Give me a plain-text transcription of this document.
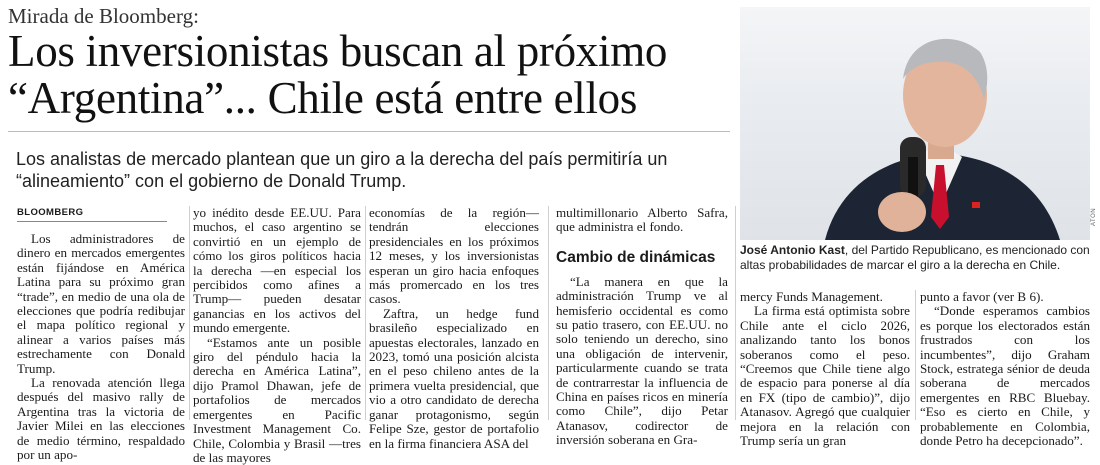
Mirada de Bloomberg:
Los inversionistas buscan al próximo “Argentina”... Chile está entre ellos
Los analistas de mercado plantean que un giro a la derecha del país permitiría un “alineamiento” con el gobierno de Donald Trump.
BLOOMBERG

Los administradores de dinero en mercados emergentes están fijándose en América Latina para su próximo gran “trade”, en medio de una ola de elecciones que podría redibujar el mapa político regional y alinear a varios países más estrechamente con Donald Trump.

La renovada atención llega después del masivo rally de Argentina tras la victoria de Javier Milei en las elecciones de medio término, respaldado por un apo-

yo inédito desde EE.UU. Para muchos, el caso argentino se convirtió en un ejemplo de cómo los giros políticos hacia la derecha —en especial los percibidos como afines a Trump— pueden desatar ganancias en los activos del mundo emergente.

“Estamos ante un posible giro del péndulo hacia la derecha en América Latina”, dijo Pramol Dhawan, jefe de portafolios de mercados emergentes en Pacific Investment Management Co. Chile, Colombia y Brasil —tres de las mayores

economías de la región— tendrán elecciones presidenciales en los próximos 12 meses, y los inversionistas esperan un giro hacia enfoques más promercado en los tres casos.

Zaftra, un hedge fund brasileño especializado en apuestas electorales, lanzado en 2023, tomó una posición alcista en el peso chileno antes de la primera vuelta presidencial, que vio a otro candidato de derecha ganar protagonismo, según Felipe Sze, gestor de portafolio en la firma financiera ASA del

multimillonario Alberto Safra, que administra el fondo.

Cambio de dinámicas

“La manera en que la administración Trump ve al hemisferio occidental es como su patio trasero, con EE.UU. no solo teniendo un derecho, sino una obligación de intervenir, particularmente cuando se trata de contrarrestar la influencia de China en países ricos en minería como Chile”, dijo Petar Atanasov, codirector de inversión soberana en Gra-

mercy Funds Management.

La firma está optimista sobre Chile ante el ciclo 2026, analizando tanto los bonos soberanos como el peso. “Creemos que Chile tiene algo de espacio para ponerse al día en FX (tipo de cambio)”, dijo Atanasov. Agregó que cualquier mejora en la relación con Trump sería un gran

punto a favor (ver B 6).

“Donde esperamos cambios es porque los electorados están frustrados con los incumbentes”, dijo Graham Stock, estratega sénior de deuda soberana de mercados emergentes en RBC Bluebay. “Eso es cierto en Chile, y probablemente en Colombia, donde Petro ha decepcionado”.

ATON
José Antonio Kast, del Partido Republicano, es mencionado con altas probabilidades de marcar el giro a la derecha en Chile.
